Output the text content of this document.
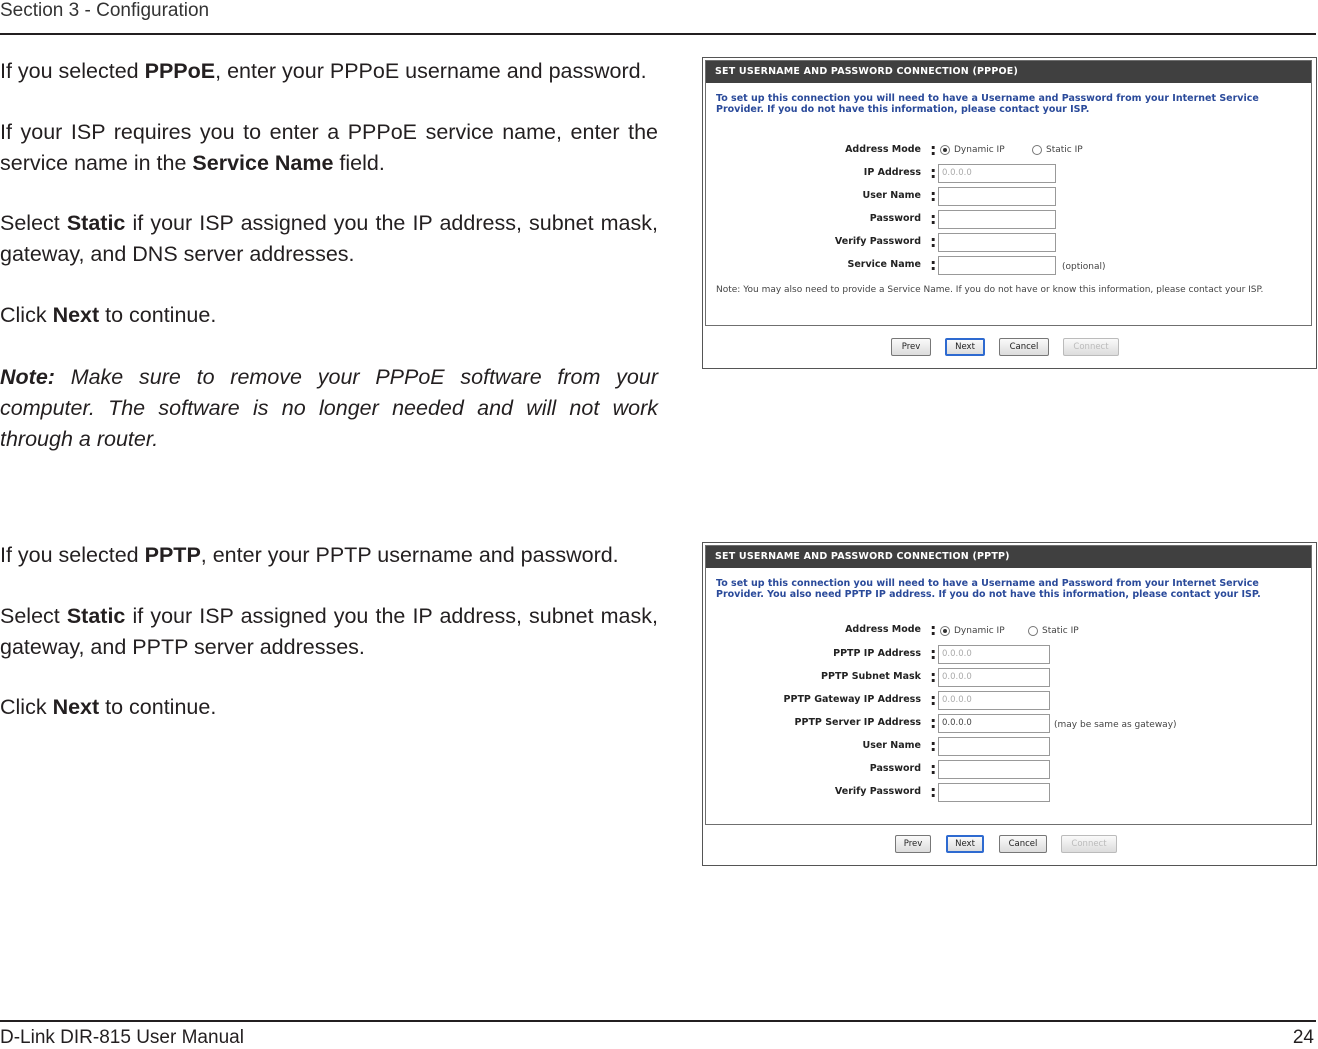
Section 3 - Configuration

If you selected PPPoE, enter your PPPoE username and password.

If your ISP requires you to enter a PPPoE service name, enter the service name in the Service Name field.

Select Static if your ISP assigned you the IP address, subnet mask, gateway, and DNS server addresses.

Click Next to continue.

Note: Make sure to remove your PPPoE software from your computer. The software is no longer needed and will not work through a router.

If you selected PPTP, enter your PPTP username and password.

Select Static if your ISP assigned you the IP address, subnet mask, gateway, and PPTP server addresses.

Click Next to continue.

SET USERNAME AND PASSWORD CONNECTION (PPPOE)
To set up this connection you will need to have a Username and Password from your Internet Service Provider. If you do not have this information, please contact your ISP.
Address Mode :	Dynamic IP	Static IP
IP Address : 0.0.0.0
User Name :
Password :
Verify Password :
Service Name :	(optional)
Note: You may also need to provide a Service Name. If you do not have or know this information, please contact your ISP.
Prev	Next	Cancel	Connect
SET USERNAME AND PASSWORD CONNECTION (PPTP)
To set up this connection you will need to have a Username and Password from your Internet Service Provider. You also need PPTP IP address. If you do not have this information, please contact your ISP.
Address Mode :	Dynamic IP	Static IP
PPTP IP Address : 0.0.0.0
PPTP Subnet Mask : 0.0.0.0
PPTP Gateway IP Address : 0.0.0.0
PPTP Server IP Address : 0.0.0.0	(may be same as gateway)
User Name :
Password :
Verify Password :
Prev	Next	Cancel	Connect
D-Link DIR-815 User Manual	24
